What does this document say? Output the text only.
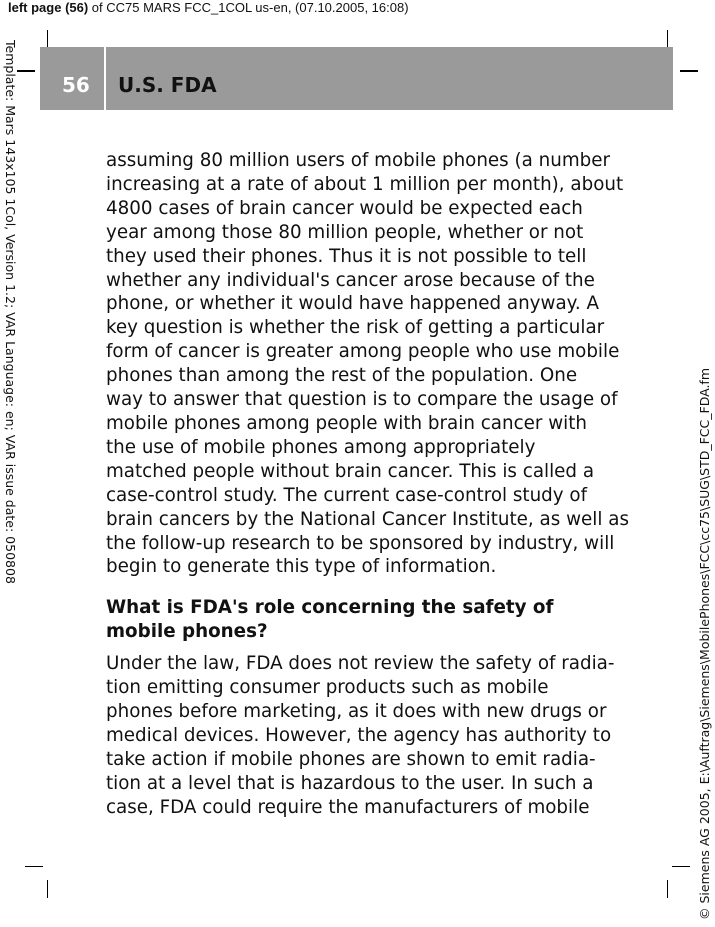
left page (56) of CC75 MARS FCC_1COL us-en, (07.10.2005, 16:08)
56 U.S. FDA
Template: Mars 143x105 1Col, Version 1.2; VAR Language: en; VAR issue date: 050808
© Siemens AG 2005, E:\Auftrag\Siemens\MobilePhones\FCC\cc75\SUG\STD_FCC_FDA.fm
assuming 80 million users of mobile phones (a number
increasing at a rate of about 1 million per month), about
4800 cases of brain cancer would be expected each
year among those 80 million people, whether or not
they used their phones. Thus it is not possible to tell
whether any individual's cancer arose because of the
phone, or whether it would have happened anyway. A
key question is whether the risk of getting a particular
form of cancer is greater among people who use mobile
phones than among the rest of the population. One
way to answer that question is to compare the usage of
mobile phones among people with brain cancer with
the use of mobile phones among appropriately
matched people without brain cancer. This is called a
case-control study. The current case-control study of
brain cancers by the National Cancer Institute, as well as
the follow-up research to be sponsored by industry, will
begin to generate this type of information.
What is FDA's role concerning the safety of
mobile phones?
Under the law, FDA does not review the safety of radia-
tion emitting consumer products such as mobile
phones before marketing, as it does with new drugs or
medical devices. However, the agency has authority to
take action if mobile phones are shown to emit radia-
tion at a level that is hazardous to the user. In such a
case, FDA could require the manufacturers of mobile
